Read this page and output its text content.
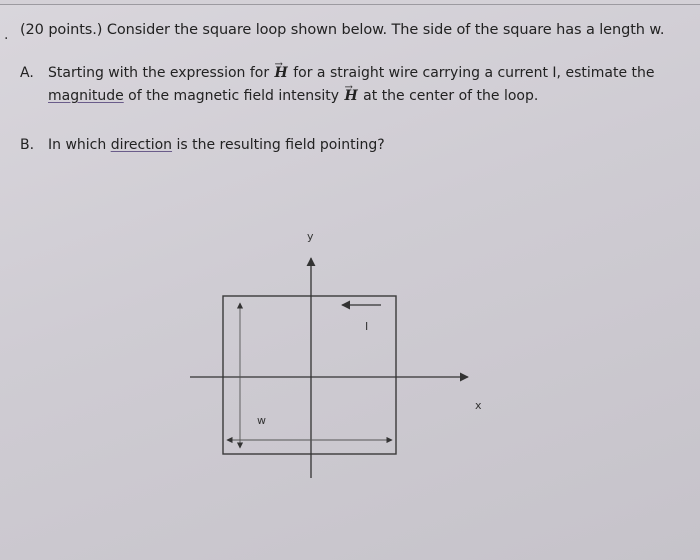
. (20 points.) Consider the square loop shown below. The side of the square has a length w.
A. Starting with the expression for → H for a straight wire carrying a current I, estimate the
magnitude of the magnetic field intensity → H at the center of the loop.
B. In which direction is the resulting field pointing?
y
x
I
w
